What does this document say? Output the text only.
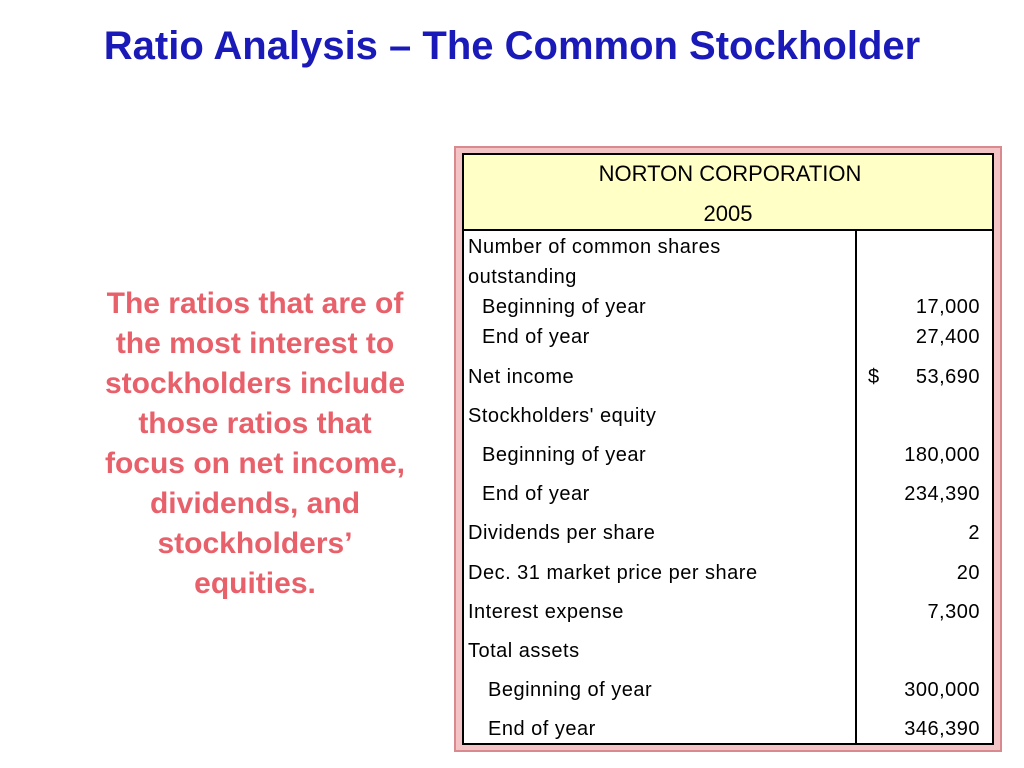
Ratio Analysis – The Common Stockholder
The ratios that are of
the most interest to
stockholders include
those ratios that
focus on net income,
dividends, and
stockholders’
equities.
NORTON CORPORATION
2005
Number of common shares
outstanding
Beginning of year	17,000
End of year	27,400
Net income	$ 53,690
Stockholders' equity
Beginning of year	180,000
End of year	234,390
Dividends per share	2
Dec. 31 market price per share	20
Interest expense	7,300
Total assets
Beginning of year	300,000
End of year	346,390
